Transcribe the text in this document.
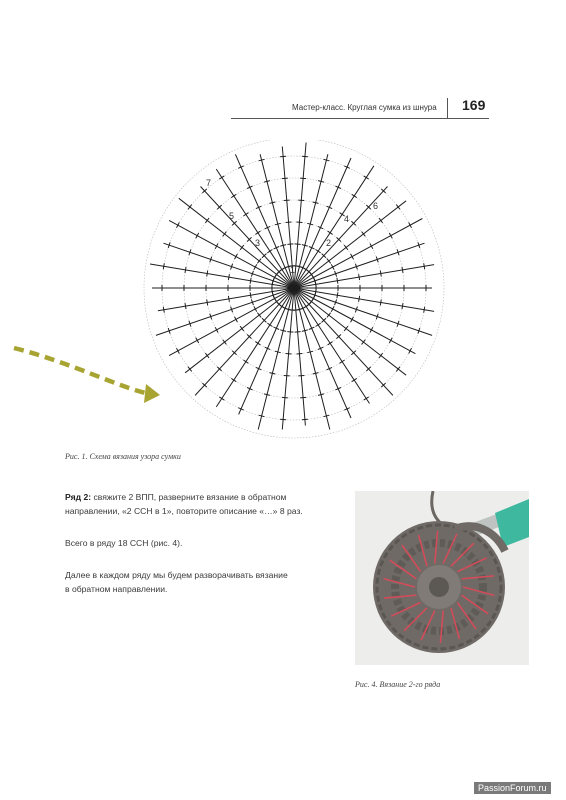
Мастер-класс. Круглая сумка из шнура 169
1
2
3
4
5
6
7
Рис. 1. Схема вязания узора сумки
Ряд 2: свяжите 2 ВПП, разверните вязание в обратном
направлении, «2 ССН в 1», повторите описание «…» 8 раз.
Всего в ряду 18 ССН (рис. 4).
Далее в каждом ряду мы будем разворачивать вязание
в обратном направлении.
Рис. 4. Вязание 2-го ряда
PassionForum.ru
